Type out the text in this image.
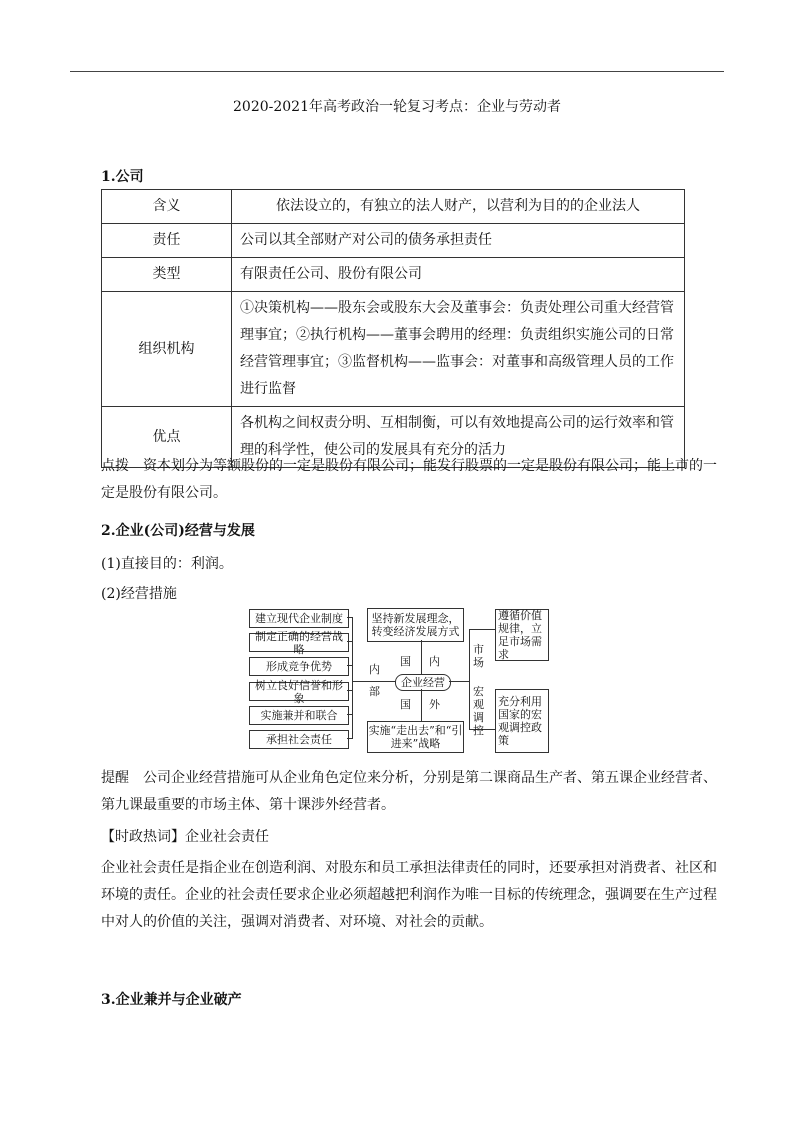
2020-2021年高考政治一轮复习考点：企业与劳动者
1.公司
含义	依法设立的，有独立的法人财产，以营利为目的的企业法人
责任	公司以其全部财产对公司的债务承担责任
类型	有限责任公司、股份有限公司
组织机构	①决策机构——股东会或股东大会及董事会：负责处理公司重大经营管理事宜；②执行机构——董事会聘用的经理：负责组织实施公司的日常经营管理事宜；③监督机构——监事会：对董事和高级管理人员的工作进行监督
优点	各机构之间权责分明、互相制衡，可以有效地提高公司的运行效率和管理的科学性，使公司的发展具有充分的活力
点拨　资本划分为等额股份的一定是股份有限公司；能发行股票的一定是股份有限公司；能上市的一定是股份有限公司。
2.企业(公司)经营与发展
(1)直接目的：利润。
(2)经营措施
建立现代企业制度
制定正确的经营战略
形成竞争优势
树立良好信誉和形象
实施兼并和联合
承担社会责任
内
部
企业经营
坚持新发展理念，转变经济发展方式
国 内
实施“走出去”和“引进来”战略
国 外
市场
宏观调控
遵循价值规律，立足市场需求
充分利用国家的宏观调控政策
提醒　公司企业经营措施可从企业角色定位来分析，分别是第二课商品生产者、第五课企业经营者、第九课最重要的市场主体、第十课涉外经营者。
【时政热词】企业社会责任
企业社会责任是指企业在创造利润、对股东和员工承担法律责任的同时，还要承担对消费者、社区和环境的责任。企业的社会责任要求企业必须超越把利润作为唯一目标的传统理念，强调要在生产过程中对人的价值的关注，强调对消费者、对环境、对社会的贡献。
3.企业兼并与企业破产
